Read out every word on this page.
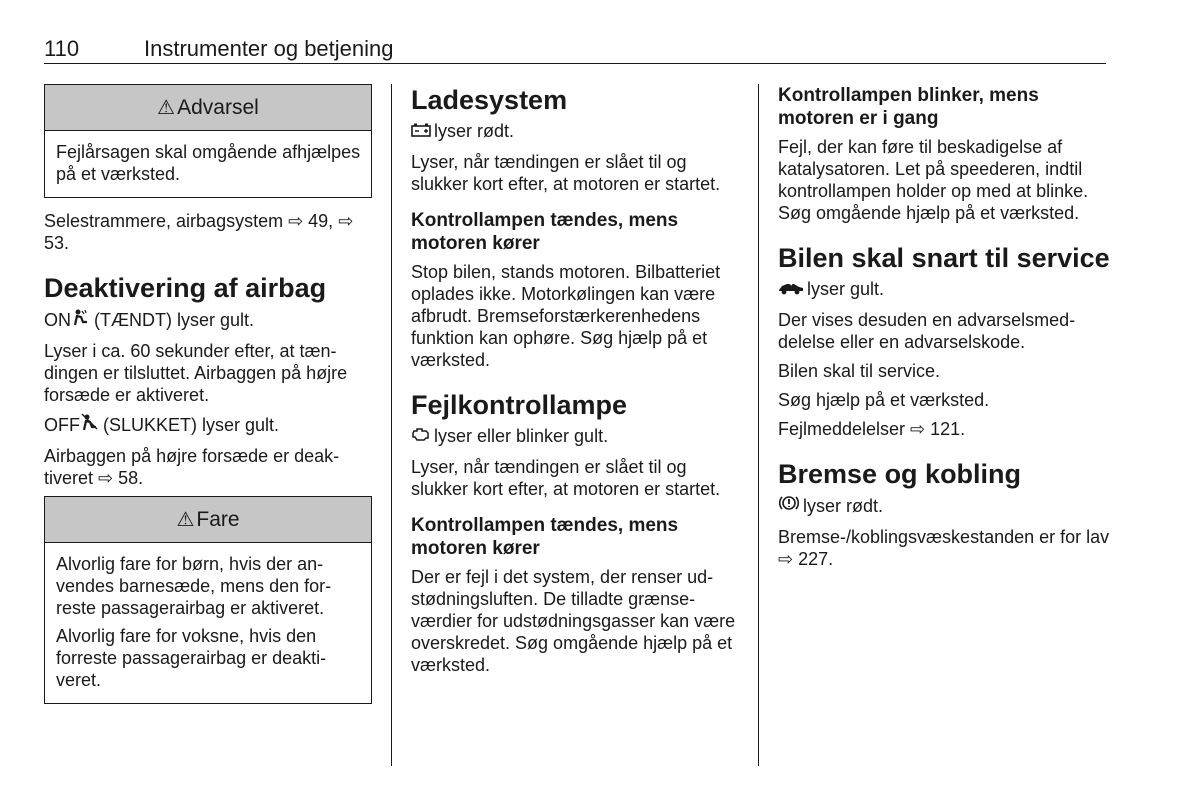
110	Instrumenter og betjening
⚠ Advarsel

Fejlårsagen skal omgående afhjælpes på et værksted.

Selestrammere, airbagsystem ⇨ 49, ⇨ 53.

Deaktivering af airbag

ON (TÆNDT) lyser gult.

Lyser i ca. 60 sekunder efter, at tændingen er tilsluttet. Airbaggen på højre forsæde er aktiveret.

OFF (SLUKKET) lyser gult.

Airbaggen på højre forsæde er deaktiveret ⇨ 58.

⚠ Fare

Alvorlig fare for børn, hvis der anvendes barnesæde, mens den forreste passagerairbag er aktiveret.

Alvorlig fare for voksne, hvis den forreste passagerairbag er deaktiveret.

Ladesystem

lyser rødt.

Lyser, når tændingen er slået til og slukker kort efter, at motoren er startet.

Kontrollampen tændes, mens motoren kører

Stop bilen, stands motoren. Bilbatteriet oplades ikke. Motorkølingen kan være afbrudt. Bremseforstærkerenhedens funktion kan ophøre. Søg hjælp på et værksted.

Fejlkontrollampe

lyser eller blinker gult.

Lyser, når tændingen er slået til og slukker kort efter, at motoren er startet.

Kontrollampen tændes, mens motoren kører

Der er fejl i det system, der renser udstødningsluften. De tilladte grænseværdier for udstødningsgasser kan være overskredet. Søg omgående hjælp på et værksted.

Kontrollampen blinker, mens motoren er i gang

Fejl, der kan føre til beskadigelse af katalysatoren. Let på speederen, indtil kontrollampen holder op med at blinke. Søg omgående hjælp på et værksted.

Bilen skal snart til service

lyser gult.

Der vises desuden en advarselsmeddelelse eller en advarselskode.

Bilen skal til service.

Søg hjælp på et værksted.

Fejlmeddelelser ⇨ 121.

Bremse og kobling

lyser rødt.

Bremse-/koblingsvæskestanden er for lav ⇨ 227.
